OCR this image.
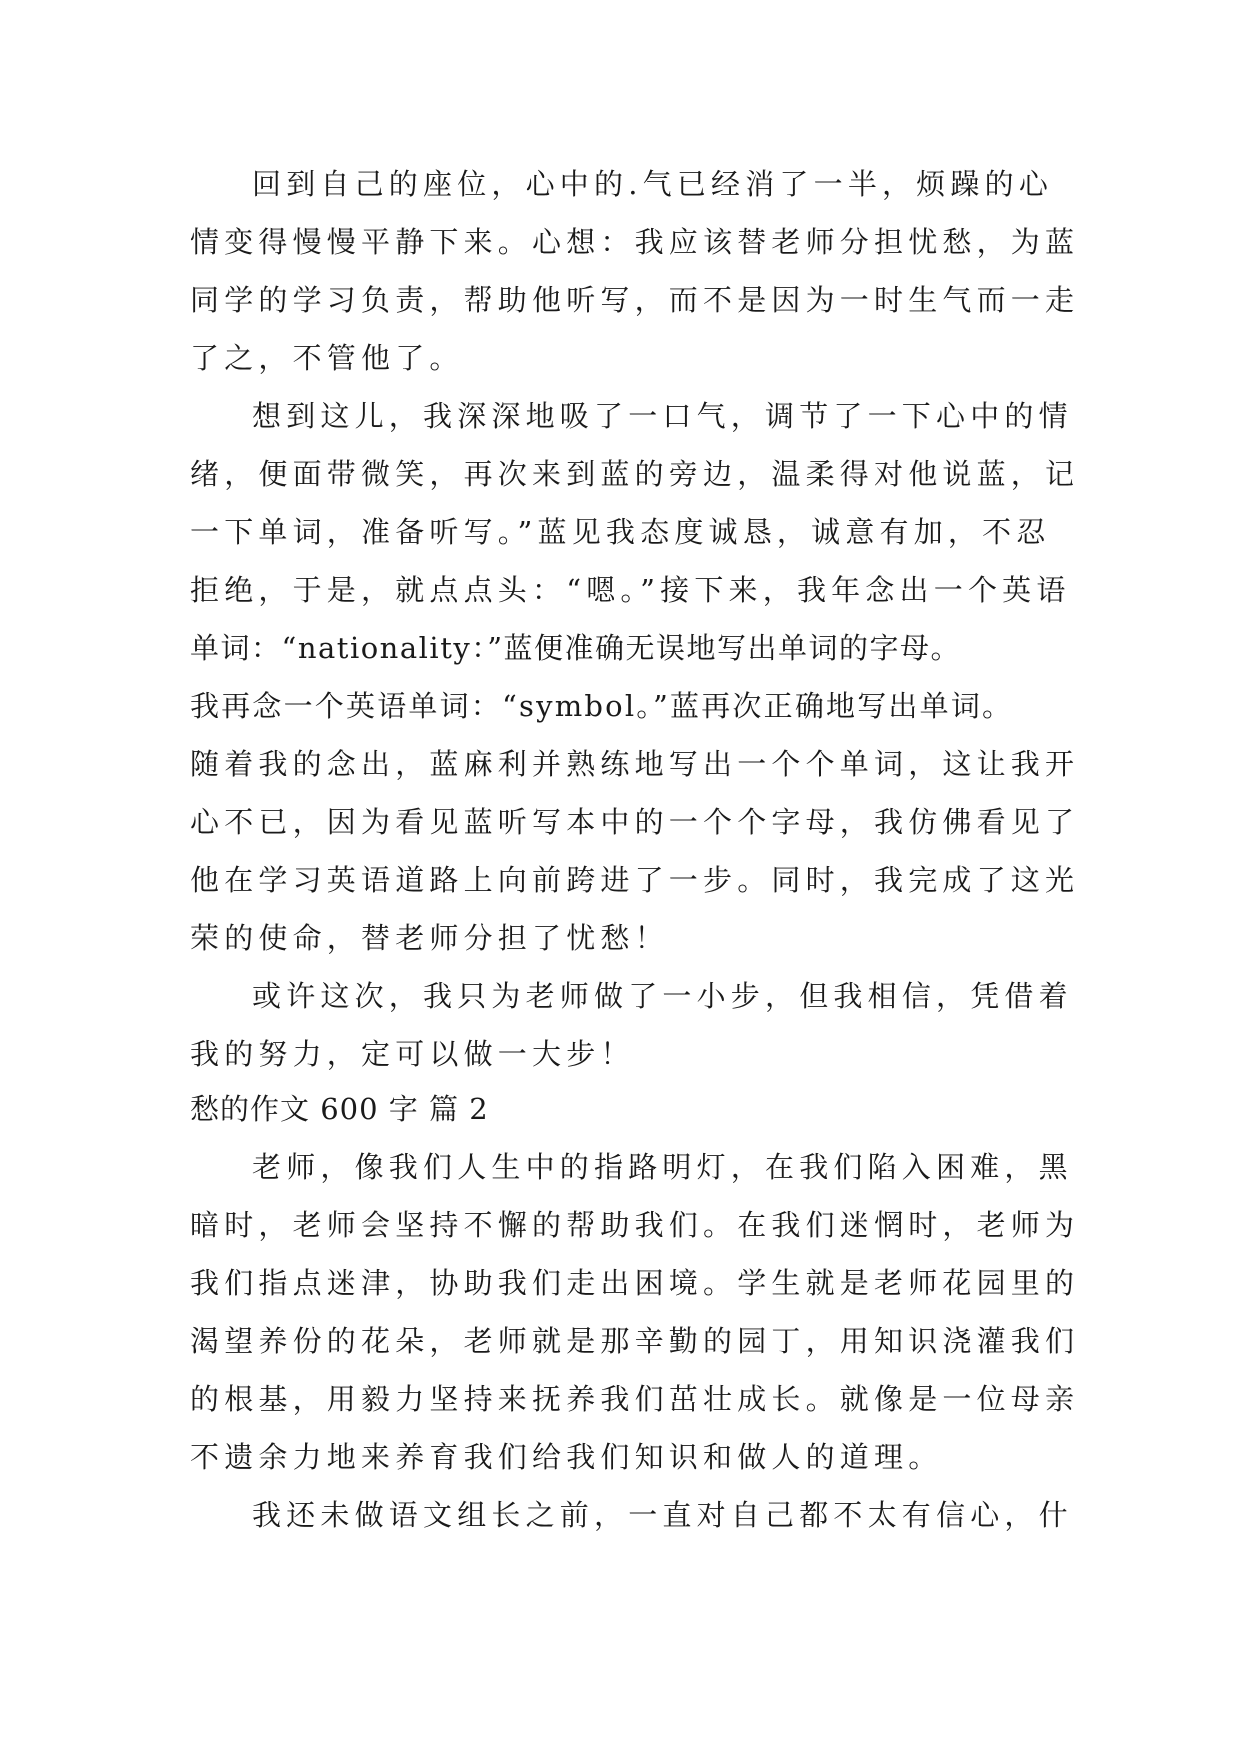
回到自己的座位，心中的.气已经消了一半，烦躁的心
情变得慢慢平静下来。心想：我应该替老师分担忧愁，为蓝
同学的学习负责，帮助他听写，而不是因为一时生气而一走
了之，不管他了。
想到这儿，我深深地吸了一口气，调节了一下心中的情
绪，便面带微笑，再次来到蓝的旁边，温柔得对他说蓝，记
一下单词，准备听写。”蓝见我态度诚恳，诚意有加，不忍
拒绝，于是，就点点头：“嗯。”接下来，我年念出一个英语
单词：“nationality：”蓝便准确无误地写出单词的字母。
我再念一个英语单词：“symbol。”蓝再次正确地写出单词。
随着我的念出，蓝麻利并熟练地写出一个个单词，这让我开
心不已，因为看见蓝听写本中的一个个字母，我仿佛看见了
他在学习英语道路上向前跨进了一步。同时，我完成了这光
荣的使命，替老师分担了忧愁！
或许这次，我只为老师做了一小步，但我相信，凭借着
我的努力，定可以做一大步！
愁的作文 600 字 篇 2
老师，像我们人生中的指路明灯，在我们陷入困难，黑
暗时，老师会坚持不懈的帮助我们。在我们迷惘时，老师为
我们指点迷津，协助我们走出困境。学生就是老师花园里的
渴望养份的花朵，老师就是那辛勤的园丁，用知识浇灌我们
的根基，用毅力坚持来抚养我们茁壮成长。就像是一位母亲
不遗余力地来养育我们给我们知识和做人的道理。
我还未做语文组长之前，一直对自己都不太有信心，什
